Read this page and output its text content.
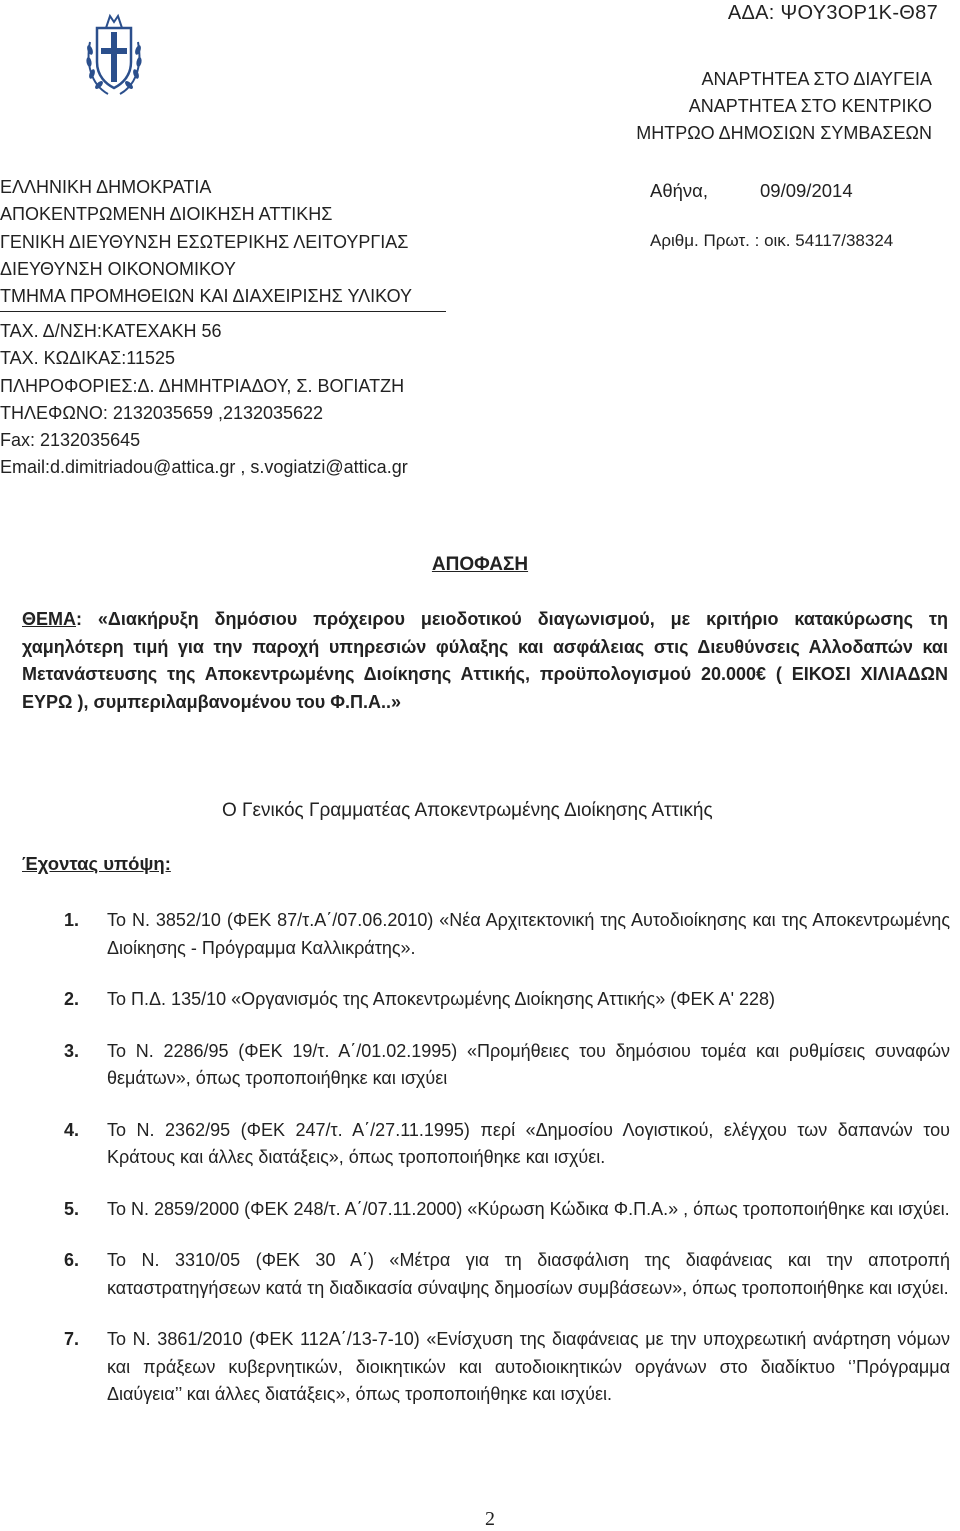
ΑΔΑ: ΨΟΥ3ΟΡ1Κ-Θ87
ΑΝΑΡΤΗΤΕΑ ΣΤΟ ΔΙΑΥΓΕΙΑ
ΑΝΑΡΤΗΤΕΑ ΣΤΟ ΚΕΝΤΡΙΚΟ
ΜΗΤΡΩΟ ΔΗΜΟΣΙΩΝ ΣΥΜΒΑΣΕΩΝ
ΕΛΛΗΝΙΚΗ ΔΗΜΟΚΡΑΤΙΑ
ΑΠΟΚΕΝΤΡΩΜΕΝΗ ΔΙΟΙΚΗΣΗ ΑΤΤΙΚΗΣ
ΓΕΝΙΚΗ ΔΙΕΥΘΥΝΣΗ ΕΣΩΤΕΡΙΚΗΣ ΛΕΙΤΟΥΡΓΙΑΣ
ΔΙΕΥΘΥΝΣΗ ΟΙΚΟΝΟΜΙΚΟΥ
ΤΜΗΜΑ ΠΡΟΜΗΘΕΙΩΝ ΚΑΙ ΔΙΑΧΕΙΡΙΣΗΣ ΥΛΙΚΟΥ
ΤΑΧ. Δ/ΝΣΗ:ΚΑΤΕΧΑΚΗ 56
ΤΑΧ. ΚΩΔΙΚΑΣ:11525
ΠΛΗΡΟΦΟΡΙΕΣ:Δ. ΔΗΜΗΤΡΙΑΔΟΥ, Σ. ΒΟΓΙΑΤΖΗ
ΤΗΛΕΦΩΝΟ: 2132035659 ,2132035622
Fax: 2132035645
Email:d.dimitriadou@attica.gr , s.vogiatzi@attica.gr
Αθήνα,	09/09/2014
Αριθμ. Πρωτ. : οικ. 54117/38324
ΑΠΟΦΑΣΗ
ΘΕΜΑ: «Διακήρυξη δημόσιου πρόχειρου μειοδοτικού διαγωνισμού, με κριτήριο κατακύρωσης τη χαμηλότερη τιμή για την παροχή υπηρεσιών φύλαξης και ασφάλειας στις Διευθύνσεις Αλλοδαπών και Μετανάστευσης της Αποκεντρωμένης Διοίκησης Αττικής, προϋπολογισμού 20.000€ ( ΕΙΚΟΣΙ ΧΙΛΙΑΔΩΝ ΕΥΡΩ ), συμπεριλαμβανομένου του Φ.Π.Α..»
Ο Γενικός Γραμματέας Αποκεντρωμένης Διοίκησης Αττικής
Έχοντας υπόψη:
1. Το Ν. 3852/10 (ΦΕΚ 87/τ.Α΄/07.06.2010) «Νέα Αρχιτεκτονική της Αυτοδιοίκησης και της Αποκεντρωμένης Διοίκησης - Πρόγραμμα Καλλικράτης».
2. Το Π.Δ. 135/10 «Οργανισμός της Αποκεντρωμένης Διοίκησης Αττικής» (ΦΕΚ Α' 228)
3. Το Ν. 2286/95 (ΦΕΚ 19/τ. Α΄/01.02.1995) «Προμήθειες του δημόσιου τομέα και ρυθμίσεις συναφών θεμάτων», όπως τροποποιήθηκε και ισχύει
4. Το Ν. 2362/95 (ΦΕΚ 247/τ. Α΄/27.11.1995) περί «Δημοσίου Λογιστικού, ελέγχου των δαπανών του Κράτους και άλλες διατάξεις», όπως τροποποιήθηκε και ισχύει.
5. Το Ν. 2859/2000 (ΦΕΚ 248/τ. Α΄/07.11.2000) «Κύρωση Κώδικα Φ.Π.Α.» , όπως τροποποιήθηκε και ισχύει.
6. Το Ν. 3310/05 (ΦΕΚ 30 Α΄) «Μέτρα για τη διασφάλιση της διαφάνειας και την αποτροπή καταστρατηγήσεων κατά τη διαδικασία σύναψης δημοσίων συμβάσεων», όπως τροποποιήθηκε και ισχύει.
7. Το Ν. 3861/2010 (ΦΕΚ 112Α΄/13-7-10) «Ενίσχυση της διαφάνειας με την υποχρεωτική ανάρτηση νόμων και πράξεων κυβερνητικών, διοικητικών και αυτοδιοικητικών οργάνων στο διαδίκτυο ‘’Πρόγραμμα Διαύγεια’’ και άλλες διατάξεις», όπως τροποποιήθηκε και ισχύει.
2
